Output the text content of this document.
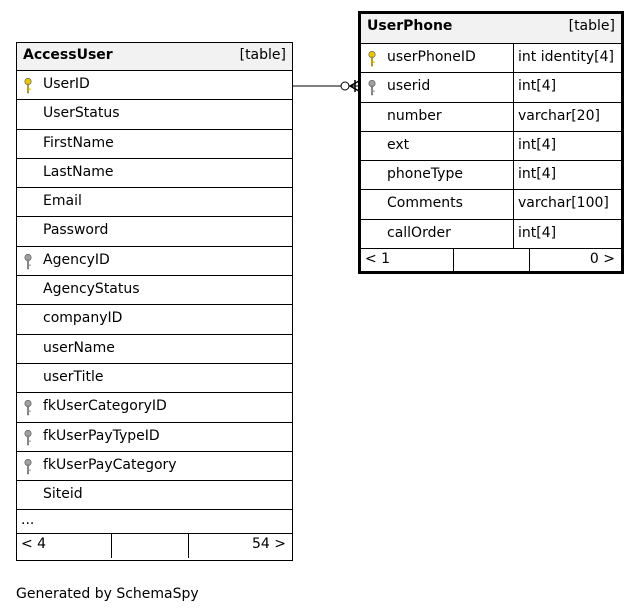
AccessUser	[table]
UserID
UserStatus
FirstName
LastName
Email
Password
AgencyID
AgencyStatus
companyID
userName
userTitle
fkUserCategoryID
fkUserPayTypeID
fkUserPayCategory
Siteid
...
< 4	54 >
UserPhone	[table]
userPhoneID	int identity[4]
userid	int[4]
number	varchar[20]
ext	int[4]
phoneType	int[4]
Comments	varchar[100]
callOrder	int[4]
< 1	0 >
Generated by SchemaSpy
